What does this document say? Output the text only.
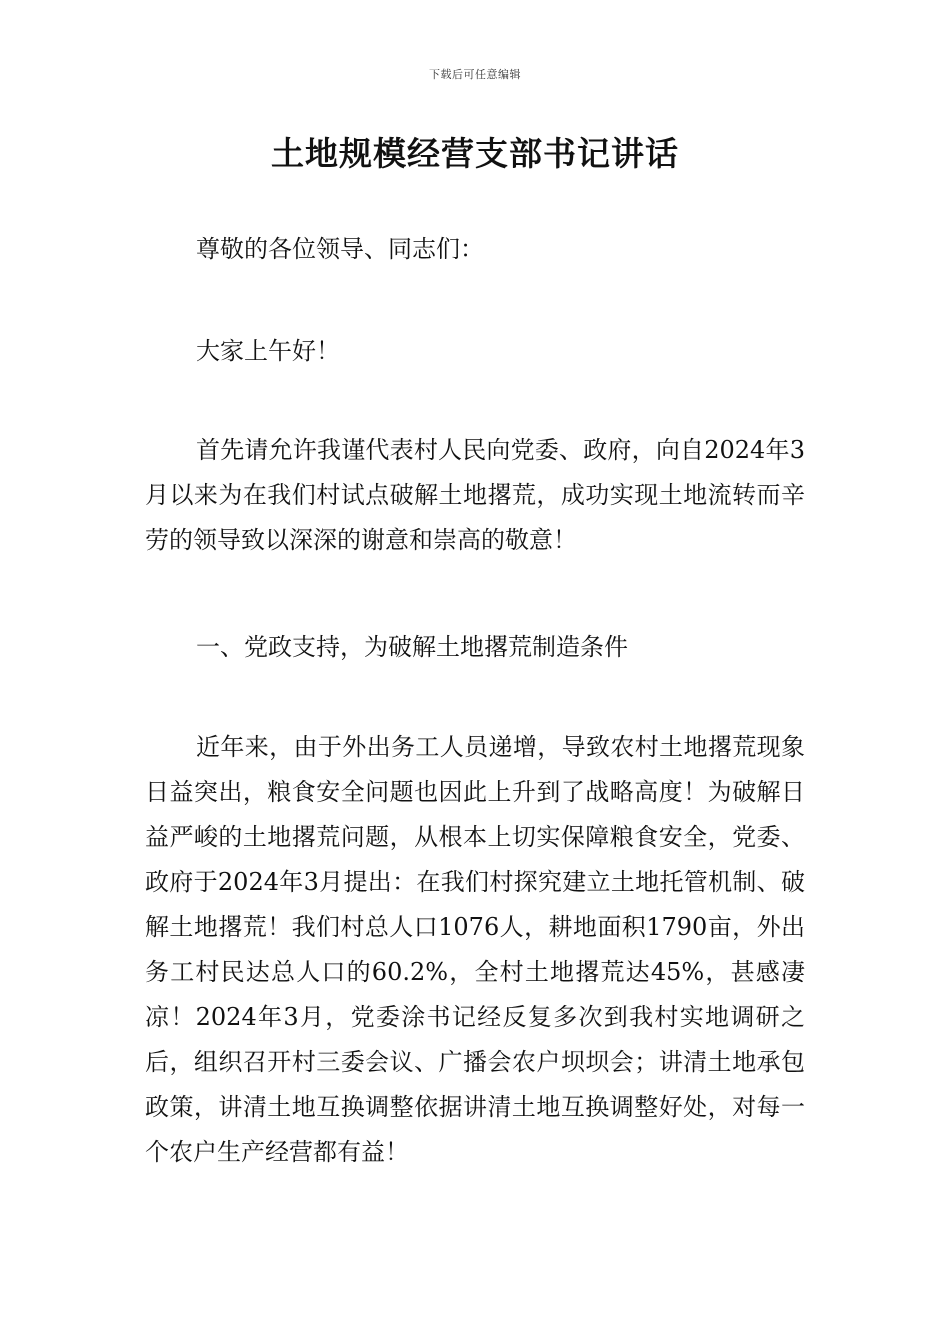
下载后可任意编辑
土地规模经营支部书记讲话

尊敬的各位领导、同志们：

大家上午好！

首先请允许我谨代表村人民向党委、政府，向自2024年3月以来为在我们村试点破解土地撂荒，成功实现土地流转而辛劳的领导致以深深的谢意和崇高的敬意！

一、党政支持，为破解土地撂荒制造条件

近年来，由于外出务工人员递增，导致农村土地撂荒现象日益突出，粮食安全问题也因此上升到了战略高度！为破解日益严峻的土地撂荒问题，从根本上切实保障粮食安全，党委、政府于2024年3月提出：在我们村探究建立土地托管机制、破解土地撂荒！我们村总人口1076人，耕地面积1790亩，外出务工村民达总人口的60.2%，全村土地撂荒达45%，甚感凄凉！2024年3月，党委涂书记经反复多次到我村实地调研之后，组织召开村三委会议、广播会农户坝坝会；讲清土地承包政策，讲清土地互换调整依据讲清土地互换调整好处，对每一个农户生产经营都有益！
